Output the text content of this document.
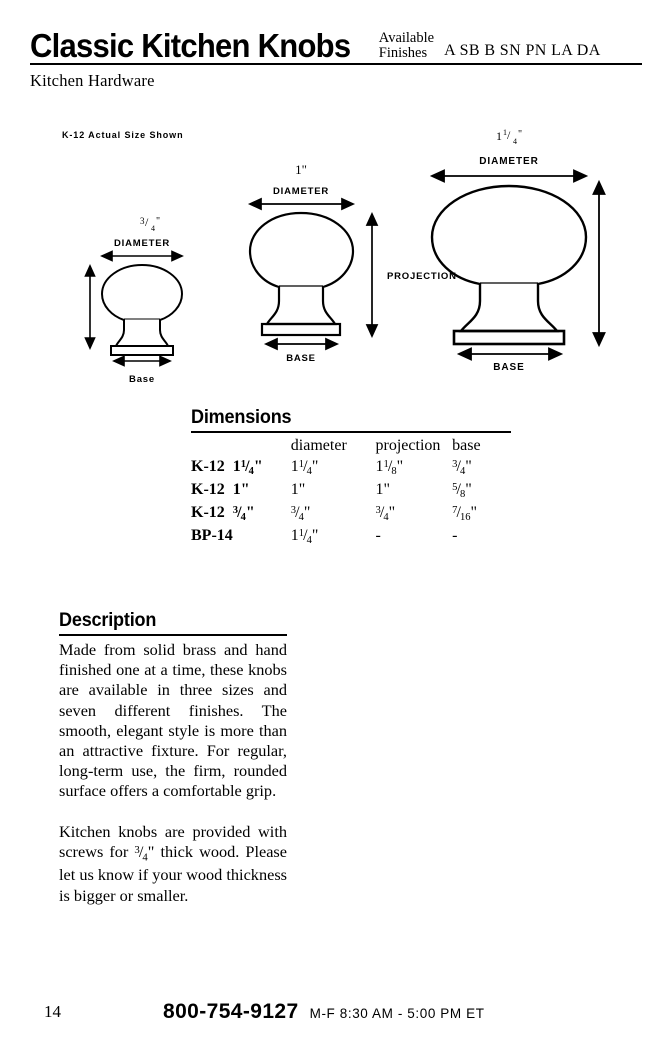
Classic Kitchen Knobs Available
Finishes	A SB B SN PN LA DA
Kitchen Hardware
K-12 Actual Size Shown
3 / 4
"
DIAMETER
Base
1"
DIAMETER
PROJECTION
BASE
1 1 / 4
"
DIAMETER
BASE
Dimensions
	diameter	projection	base
K-12  $1^1/4$"	$1^1/4$"	$1^1/8$"	$^3$/4"
K-12  1"	1"	1"	$^5$/8"
K-12  $^3$/4"	$^3$/4"	$^3$/4"	$^7$/16"
BP-14	$1^1/4$"	-	-
Description

Made from solid brass and hand finished one at a time, these knobs are available in three sizes and seven different finishes. The smooth, elegant style is more than an attractive fixture. For regular, long-term use, the firm, rounded surface offers a comfortable grip.

Kitchen knobs are provided with screws for $^3$/4" thick wood. Please let us know if your wood thickness is bigger or smaller.

14	800-754-9127 M-F 8:30 AM - 5:00 PM ET
